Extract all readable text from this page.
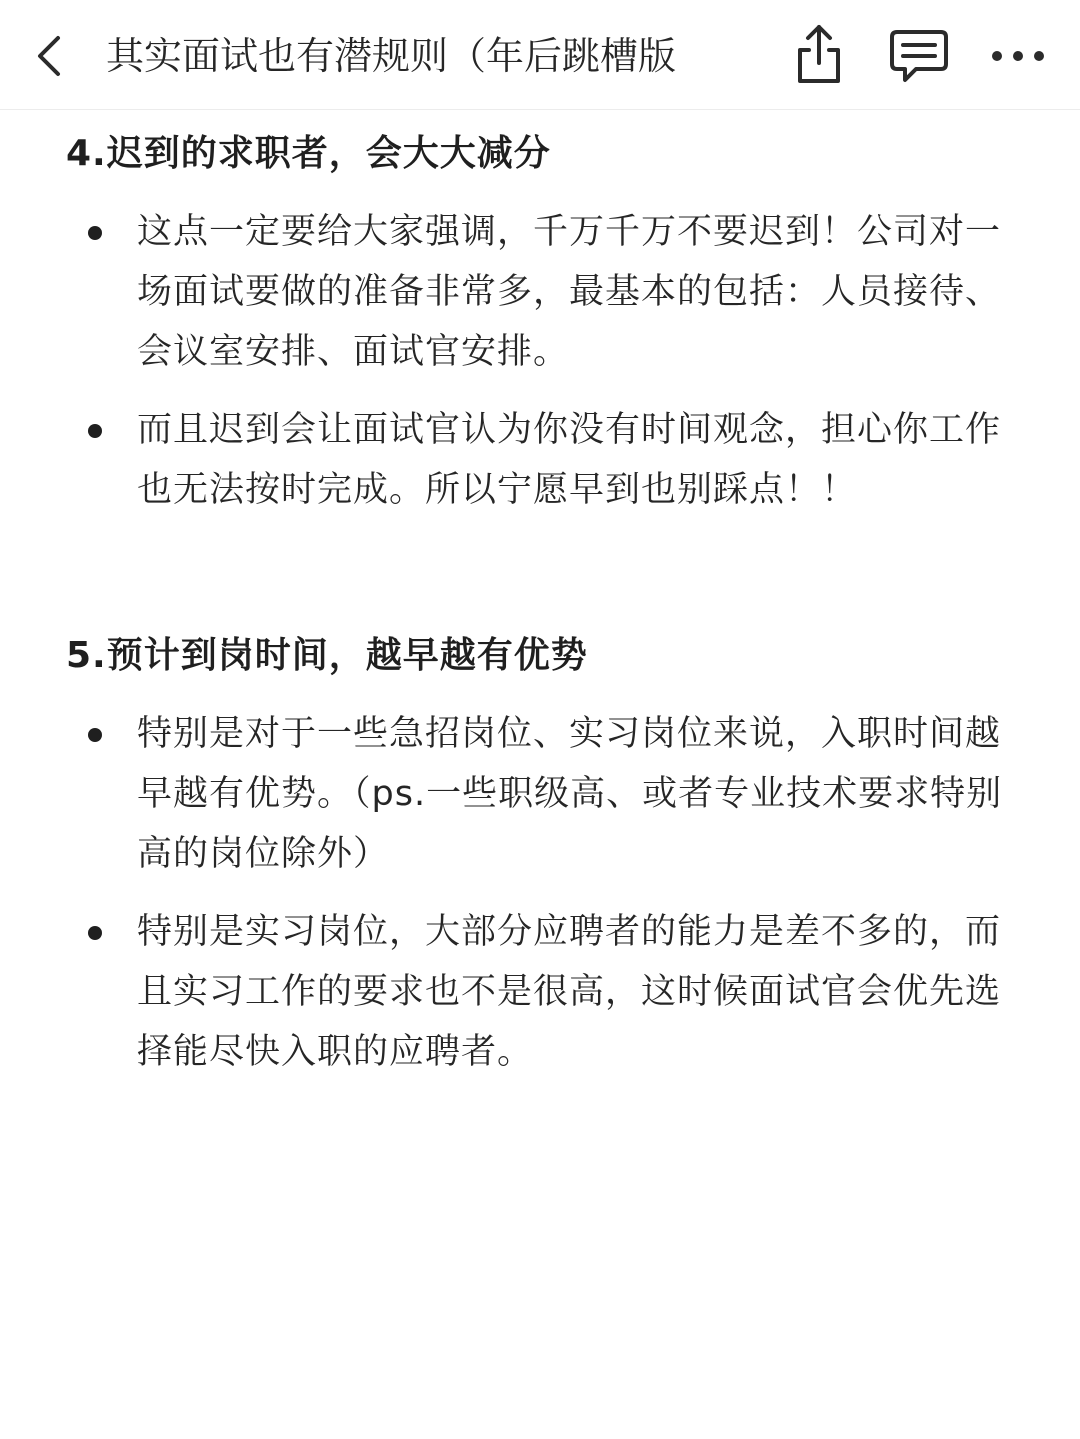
其实面试也有潜规则（年后跳槽版
4.迟到的求职者，会大大减分
这点一定要给大家强调，千万千万不要迟到！公司对一场面试要做的准备非常多，最基本的包括：人员接待、会议室安排、面试官安排。
而且迟到会让面试官认为你没有时间观念，担心你工作也无法按时完成。所以宁愿早到也别踩点！！
5.预计到岗时间，越早越有优势
特别是对于一些急招岗位、实习岗位来说，入职时间越早越有优势。（ps.一些职级高、或者专业技术要求特别高的岗位除外）
特别是实习岗位，大部分应聘者的能力是差不多的，而且实习工作的要求也不是很高，这时候面试官会优先选择能尽快入职的应聘者。
